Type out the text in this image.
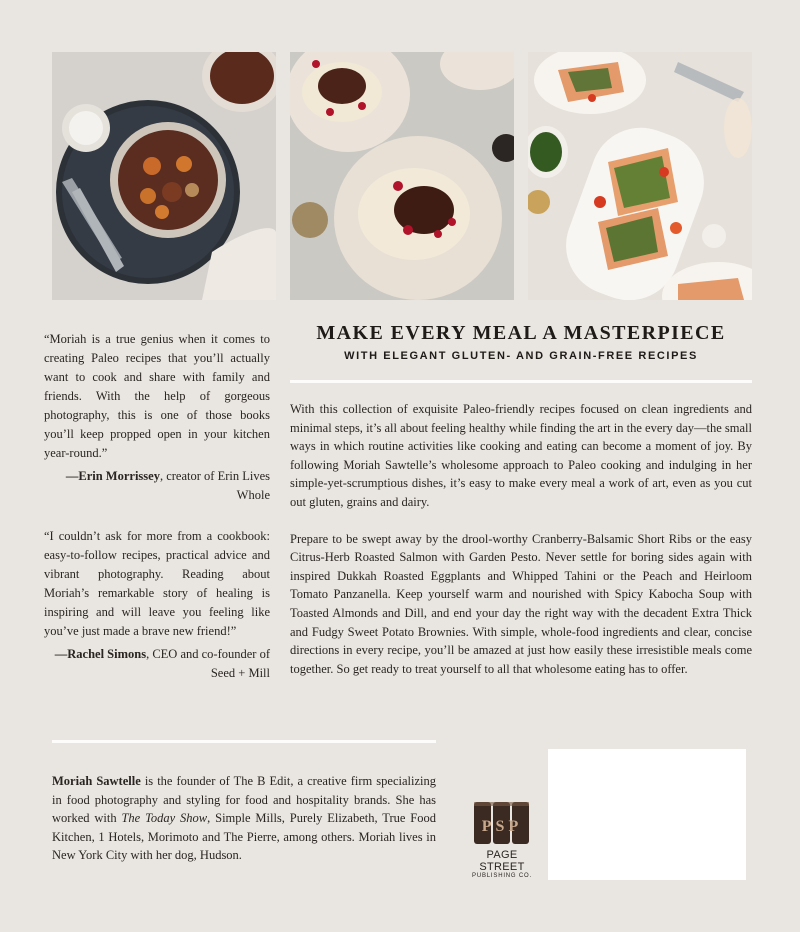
“Moriah is a true genius when it comes to creating Paleo recipes that you’ll actually want to cook and share with family and friends. With the help of gorgeous photography, this is one of those books you’ll keep propped open in your kitchen year-round.”

—Erin Morrissey, creator of Erin Lives Whole

“I couldn’t ask for more from a cookbook: easy-to-follow recipes, practical advice and vibrant photography. Reading about Moriah’s remarkable story of healing is inspiring and will leave you feeling like you’ve just made a brave new friend!”

—Rachel Simons, CEO and co-founder of Seed + Mill

MAKE EVERY MEAL A MASTERPIECE
WITH ELEGANT GLUTEN- AND GRAIN-FREE RECIPES

With this collection of exquisite Paleo-friendly recipes focused on clean ingredients and minimal steps, it’s all about feeling healthy while finding the art in the every day—the small ways in which routine activities like cooking and eating can become a moment of joy. By following Moriah Sawtelle’s wholesome approach to Paleo cooking and indulging in her simple-yet-scrumptious dishes, it’s easy to make every meal a work of art, even as you cut out gluten, grains and dairy.

Prepare to be swept away by the drool-worthy Cranberry-Balsamic Short Ribs or the easy Citrus-Herb Roasted Salmon with Garden Pesto. Never settle for boring sides again with inspired Dukkah Roasted Eggplants and Whipped Tahini or the Peach and Heirloom Tomato Panzanella. Keep yourself warm and nourished with Spicy Kabocha Soup with Toasted Almonds and Dill, and end your day the right way with the decadent Extra Thick and Fudgy Sweet Potato Brownies. With simple, whole-food ingredients and clear, concise directions in every recipe, you’ll be amazed at just how easily these irresistible meals come together. So get ready to treat yourself to all that wholesome eating has to offer.

Moriah Sawtelle is the founder of The B Edit, a creative firm specializing in food photography and styling for food and hospitality brands. She has worked with The Today Show, Simple Mills, Purely Elizabeth, True Food Kitchen, 1 Hotels, Morimoto and The Pierre, among others. Moriah lives in New York City with her dog, Hudson.

PSP
PAGE STREET
PUBLISHING CO.
